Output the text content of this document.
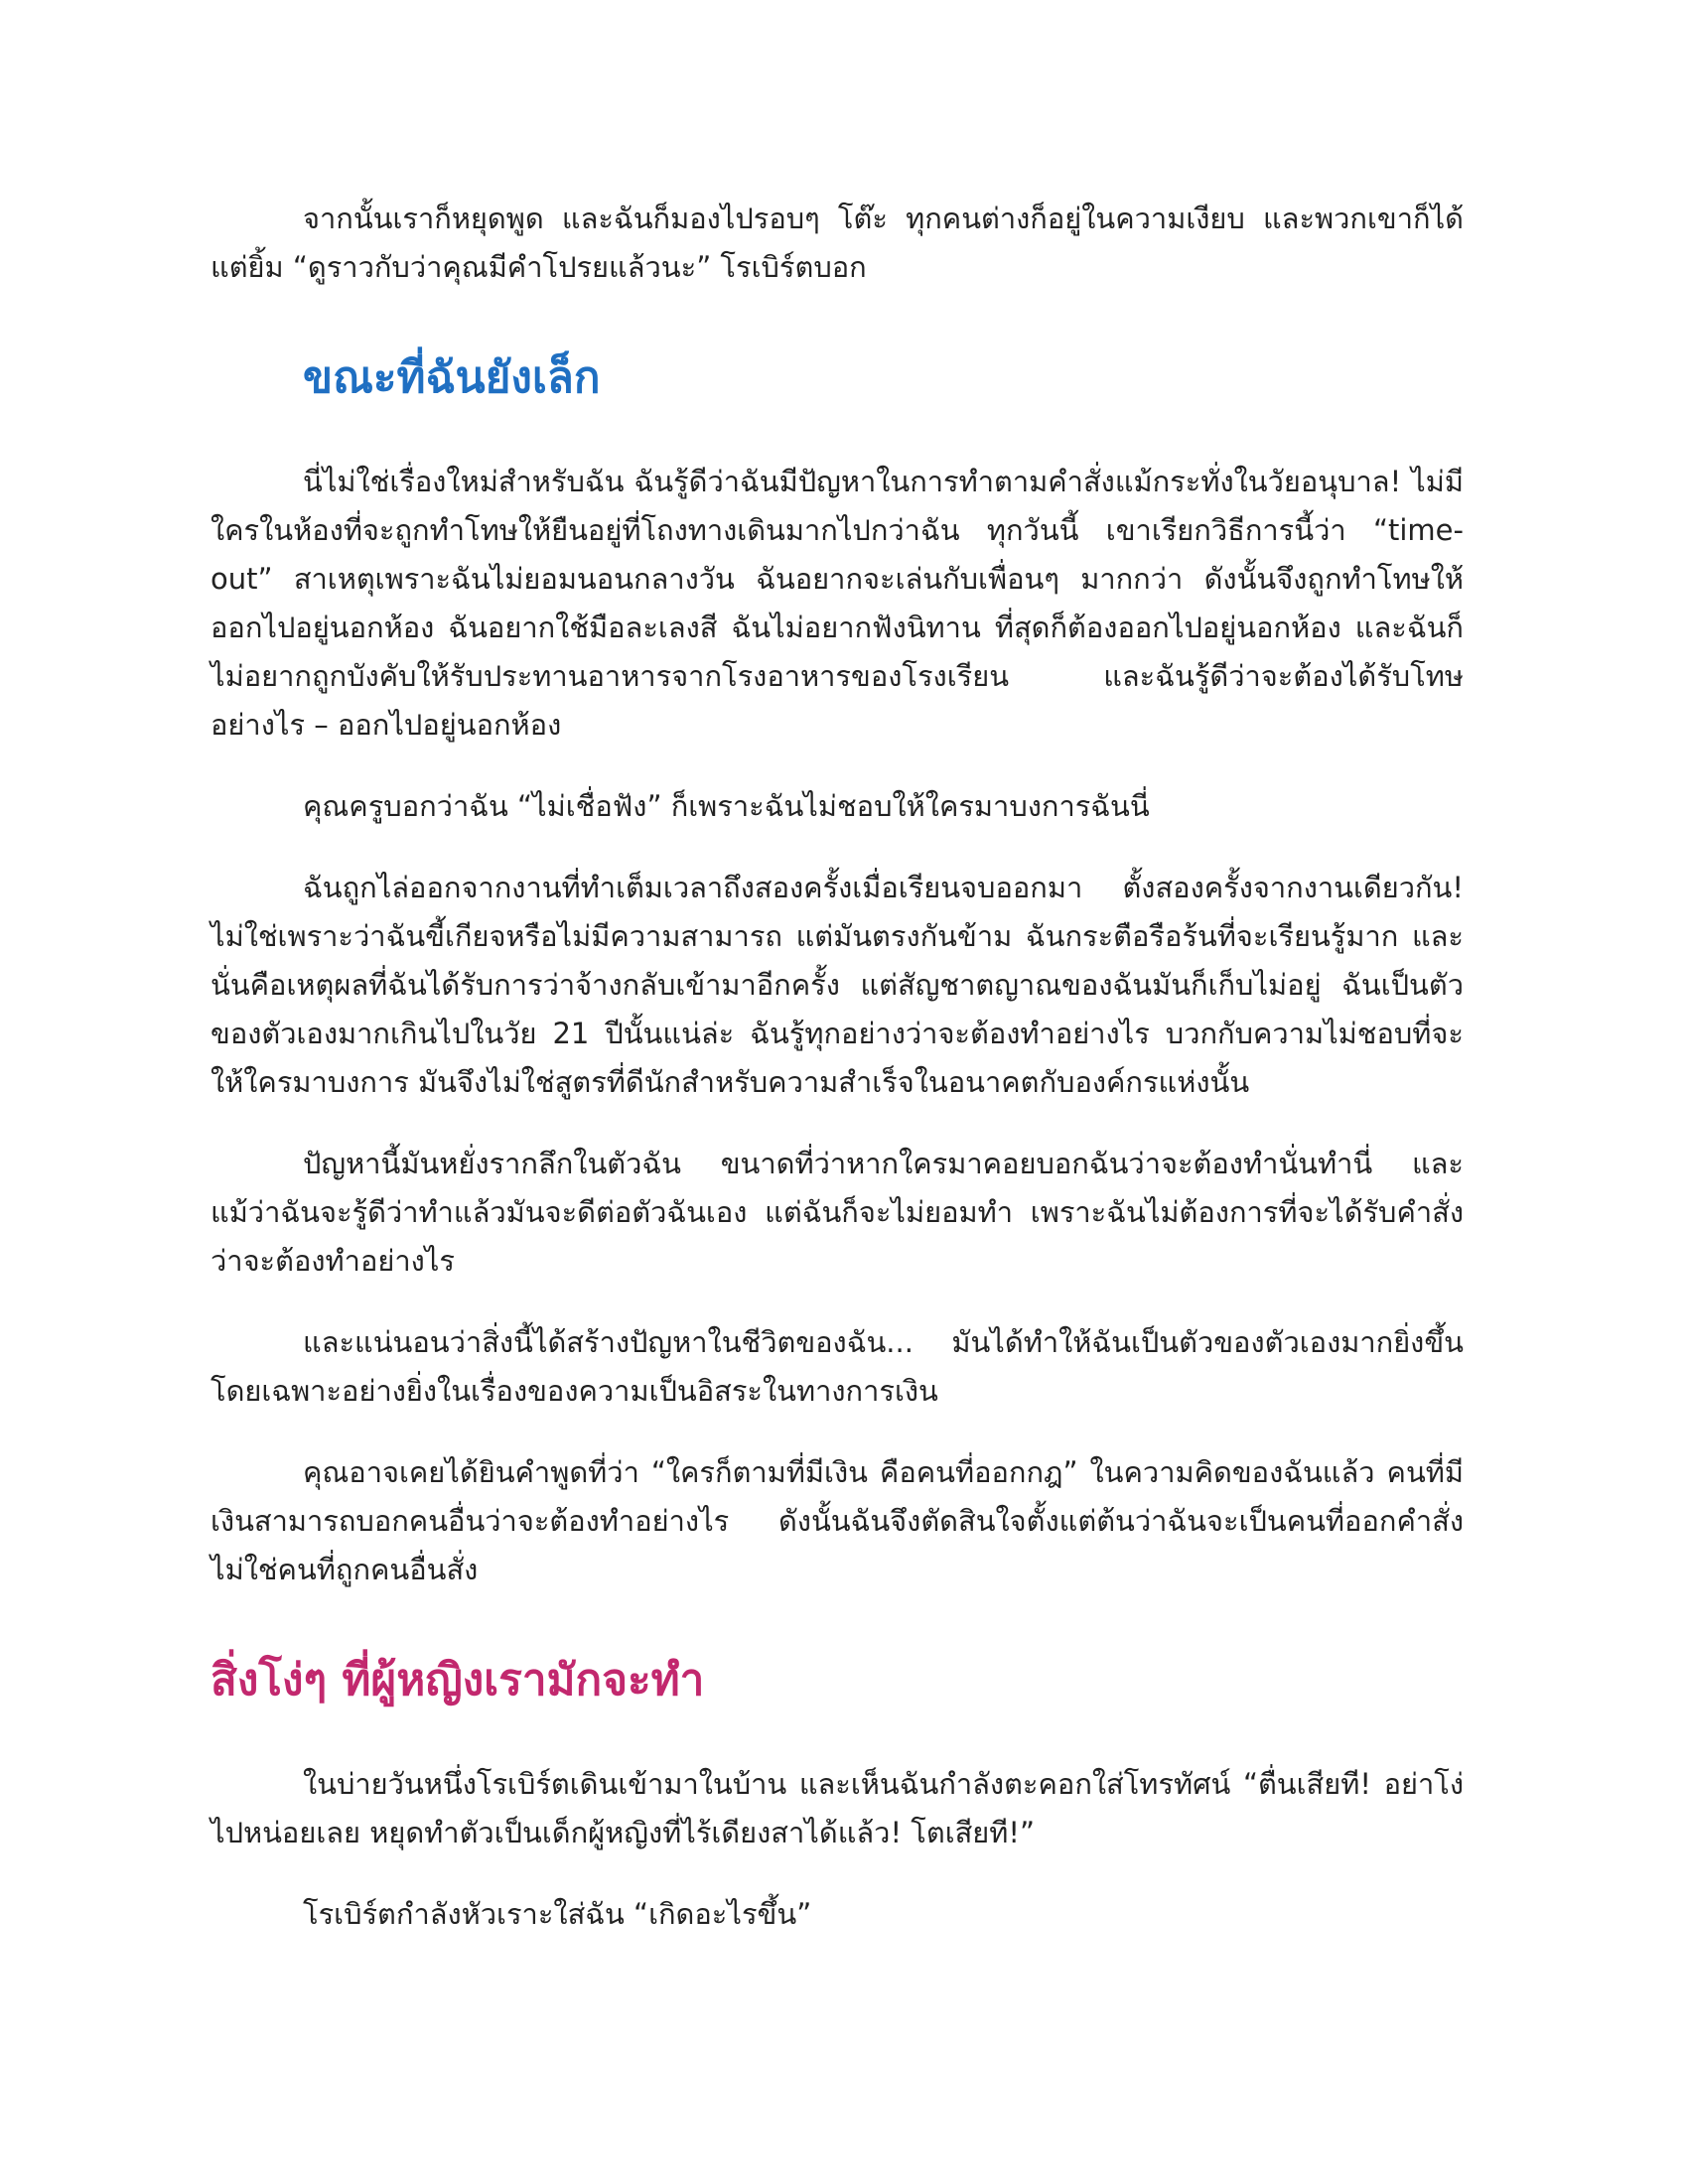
จากนั้นเราก็หยุดพูด และฉันก็มองไปรอบๆ โต๊ะ ทุกคนต่างก็อยู่ในความเงียบ และพวกเขาก็ได้แต่ยิ้ม “ดูราวกับว่าคุณมีคำโปรยแล้วนะ” โรเบิร์ตบอก

ขณะที่ฉันยังเล็ก

นี่ไม่ใช่เรื่องใหม่สำหรับฉัน ฉันรู้ดีว่าฉันมีปัญหาในการทำตามคำสั่งแม้กระทั่งในวัยอนุบาล! ไม่มีใครในห้องที่จะถูกทำโทษให้ยืนอยู่ที่โถงทางเดินมากไปกว่าฉัน ทุกวันนี้ เขาเรียกวิธีการนี้ว่า “time-out” สาเหตุเพราะฉันไม่ยอมนอนกลางวัน ฉันอยากจะเล่นกับเพื่อนๆ มากกว่า ดังนั้นจึงถูกทำโทษให้ออกไปอยู่นอกห้อง ฉันอยากใช้มือละเลงสี ฉันไม่อยากฟังนิทาน ที่สุดก็ต้องออกไปอยู่นอกห้อง และฉันก็ไม่อยากถูกบังคับให้รับประทานอาหารจากโรงอาหารของโรงเรียน และฉันรู้ดีว่าจะต้องได้รับโทษอย่างไร – ออกไปอยู่นอกห้อง

คุณครูบอกว่าฉัน “ไม่เชื่อฟัง” ก็เพราะฉันไม่ชอบให้ใครมาบงการฉันนี่

ฉันถูกไล่ออกจากงานที่ทำเต็มเวลาถึงสองครั้งเมื่อเรียนจบออกมา ตั้งสองครั้งจากงานเดียวกัน! ไม่ใช่เพราะว่าฉันขี้เกียจหรือไม่มีความสามารถ แต่มันตรงกันข้าม ฉันกระตือรือร้นที่จะเรียนรู้มาก และนั่นคือเหตุผลที่ฉันได้รับการว่าจ้างกลับเข้ามาอีกครั้ง แต่สัญชาตญาณของฉันมันก็เก็บไม่อยู่ ฉันเป็นตัวของตัวเองมากเกินไปในวัย 21 ปีนั้นแน่ล่ะ ฉันรู้ทุกอย่างว่าจะต้องทำอย่างไร บวกกับความไม่ชอบที่จะให้ใครมาบงการ มันจึงไม่ใช่สูตรที่ดีนักสำหรับความสำเร็จในอนาคตกับองค์กรแห่งนั้น

ปัญหานี้มันหยั่งรากลึกในตัวฉัน ขนาดที่ว่าหากใครมาคอยบอกฉันว่าจะต้องทำนั่นทำนี่ และแม้ว่าฉันจะรู้ดีว่าทำแล้วมันจะดีต่อตัวฉันเอง แต่ฉันก็จะไม่ยอมทำ เพราะฉันไม่ต้องการที่จะได้รับคำสั่งว่าจะต้องทำอย่างไร

และแน่นอนว่าสิ่งนี้ได้สร้างปัญหาในชีวิตของฉัน... มันได้ทำให้ฉันเป็นตัวของตัวเองมากยิ่งขึ้น โดยเฉพาะอย่างยิ่งในเรื่องของความเป็นอิสระในทางการเงิน

คุณอาจเคยได้ยินคำพูดที่ว่า “ใครก็ตามที่มีเงิน คือคนที่ออกกฎ” ในความคิดของฉันแล้ว คนที่มีเงินสามารถบอกคนอื่นว่าจะต้องทำอย่างไร ดังนั้นฉันจึงตัดสินใจตั้งแต่ต้นว่าฉันจะเป็นคนที่ออกคำสั่ง ไม่ใช่คนที่ถูกคนอื่นสั่ง

สิ่งโง่ๆ ที่ผู้หญิงเรามักจะทำ

ในบ่ายวันหนึ่งโรเบิร์ตเดินเข้ามาในบ้าน และเห็นฉันกำลังตะคอกใส่โทรทัศน์ “ตื่นเสียที! อย่าโง่ไปหน่อยเลย หยุดทำตัวเป็นเด็กผู้หญิงที่ไร้เดียงสาได้แล้ว! โตเสียที!”

โรเบิร์ตกำลังหัวเราะใส่ฉัน “เกิดอะไรขึ้น”
